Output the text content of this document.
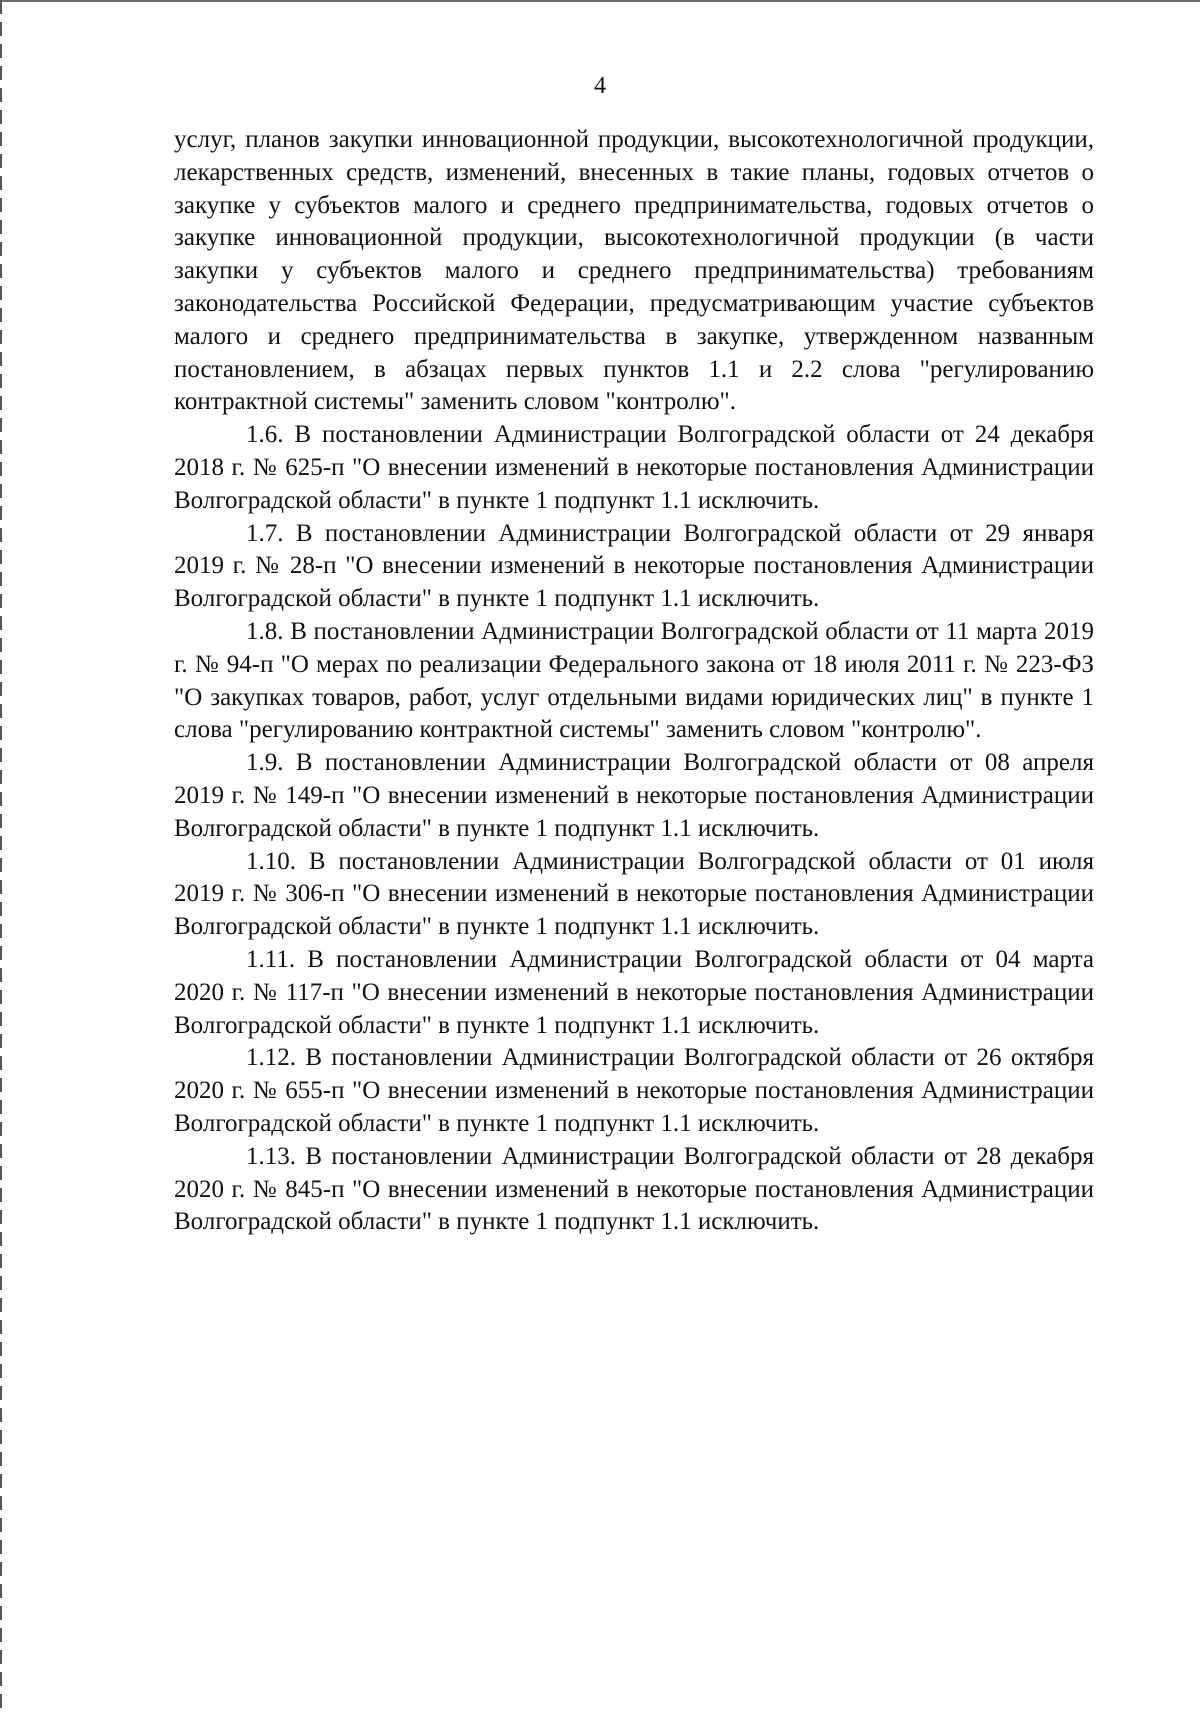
4

услуг, планов закупки инновационной продукции, высокотехнологичной продукции, лекарственных средств, изменений, внесенных в такие планы, годовых отчетов о закупке у субъектов малого и среднего предпринимательства, годовых отчетов о закупке инновационной продукции, высокотехнологичной продукции (в части закупки у субъектов малого и среднего предпринимательства) требованиям законодательства Российской Федерации, предусматривающим участие субъектов малого и среднего предпринимательства в закупке, утвержденном названным постановлением, в абзацах первых пунктов 1.1 и 2.2 слова "регулированию контрактной системы" заменить словом "контролю".

1.6. В постановлении Администрации Волгоградской области от 24 декабря 2018 г. № 625-п "О внесении изменений в некоторые постановления Администрации Волгоградской области" в пункте 1 подпункт 1.1 исключить.

1.7. В постановлении Администрации Волгоградской области от 29 января 2019 г. № 28-п "О внесении изменений в некоторые постановления Администрации Волгоградской области" в пункте 1 подпункт 1.1 исключить.

1.8. В постановлении Администрации Волгоградской области от 11 марта 2019 г. № 94-п "О мерах по реализации Федерального закона от 18 июля 2011 г. № 223-ФЗ "О закупках товаров, работ, услуг отдельными видами юридических лиц" в пункте 1 слова "регулированию контрактной системы" заменить словом "контролю".

1.9. В постановлении Администрации Волгоградской области от 08 апреля 2019 г. № 149-п "О внесении изменений в некоторые постановления Администрации Волгоградской области" в пункте 1 подпункт 1.1 исключить.

1.10. В постановлении Администрации Волгоградской области от 01 июля 2019 г. № 306-п "О внесении изменений в некоторые постановления Администрации Волгоградской области" в пункте 1 подпункт 1.1 исключить.

1.11. В постановлении Администрации Волгоградской области от 04 марта 2020 г. № 117-п "О внесении изменений в некоторые постановления Администрации Волгоградской области" в пункте 1 подпункт 1.1 исключить.

1.12. В постановлении Администрации Волгоградской области от 26 октября 2020 г. № 655-п "О внесении изменений в некоторые постановления Администрации Волгоградской области" в пункте 1 подпункт 1.1 исключить.

1.13. В постановлении Администрации Волгоградской области от 28 декабря 2020 г. № 845-п "О внесении изменений в некоторые постановления Администрации Волгоградской области" в пункте 1 подпункт 1.1 исключить.
